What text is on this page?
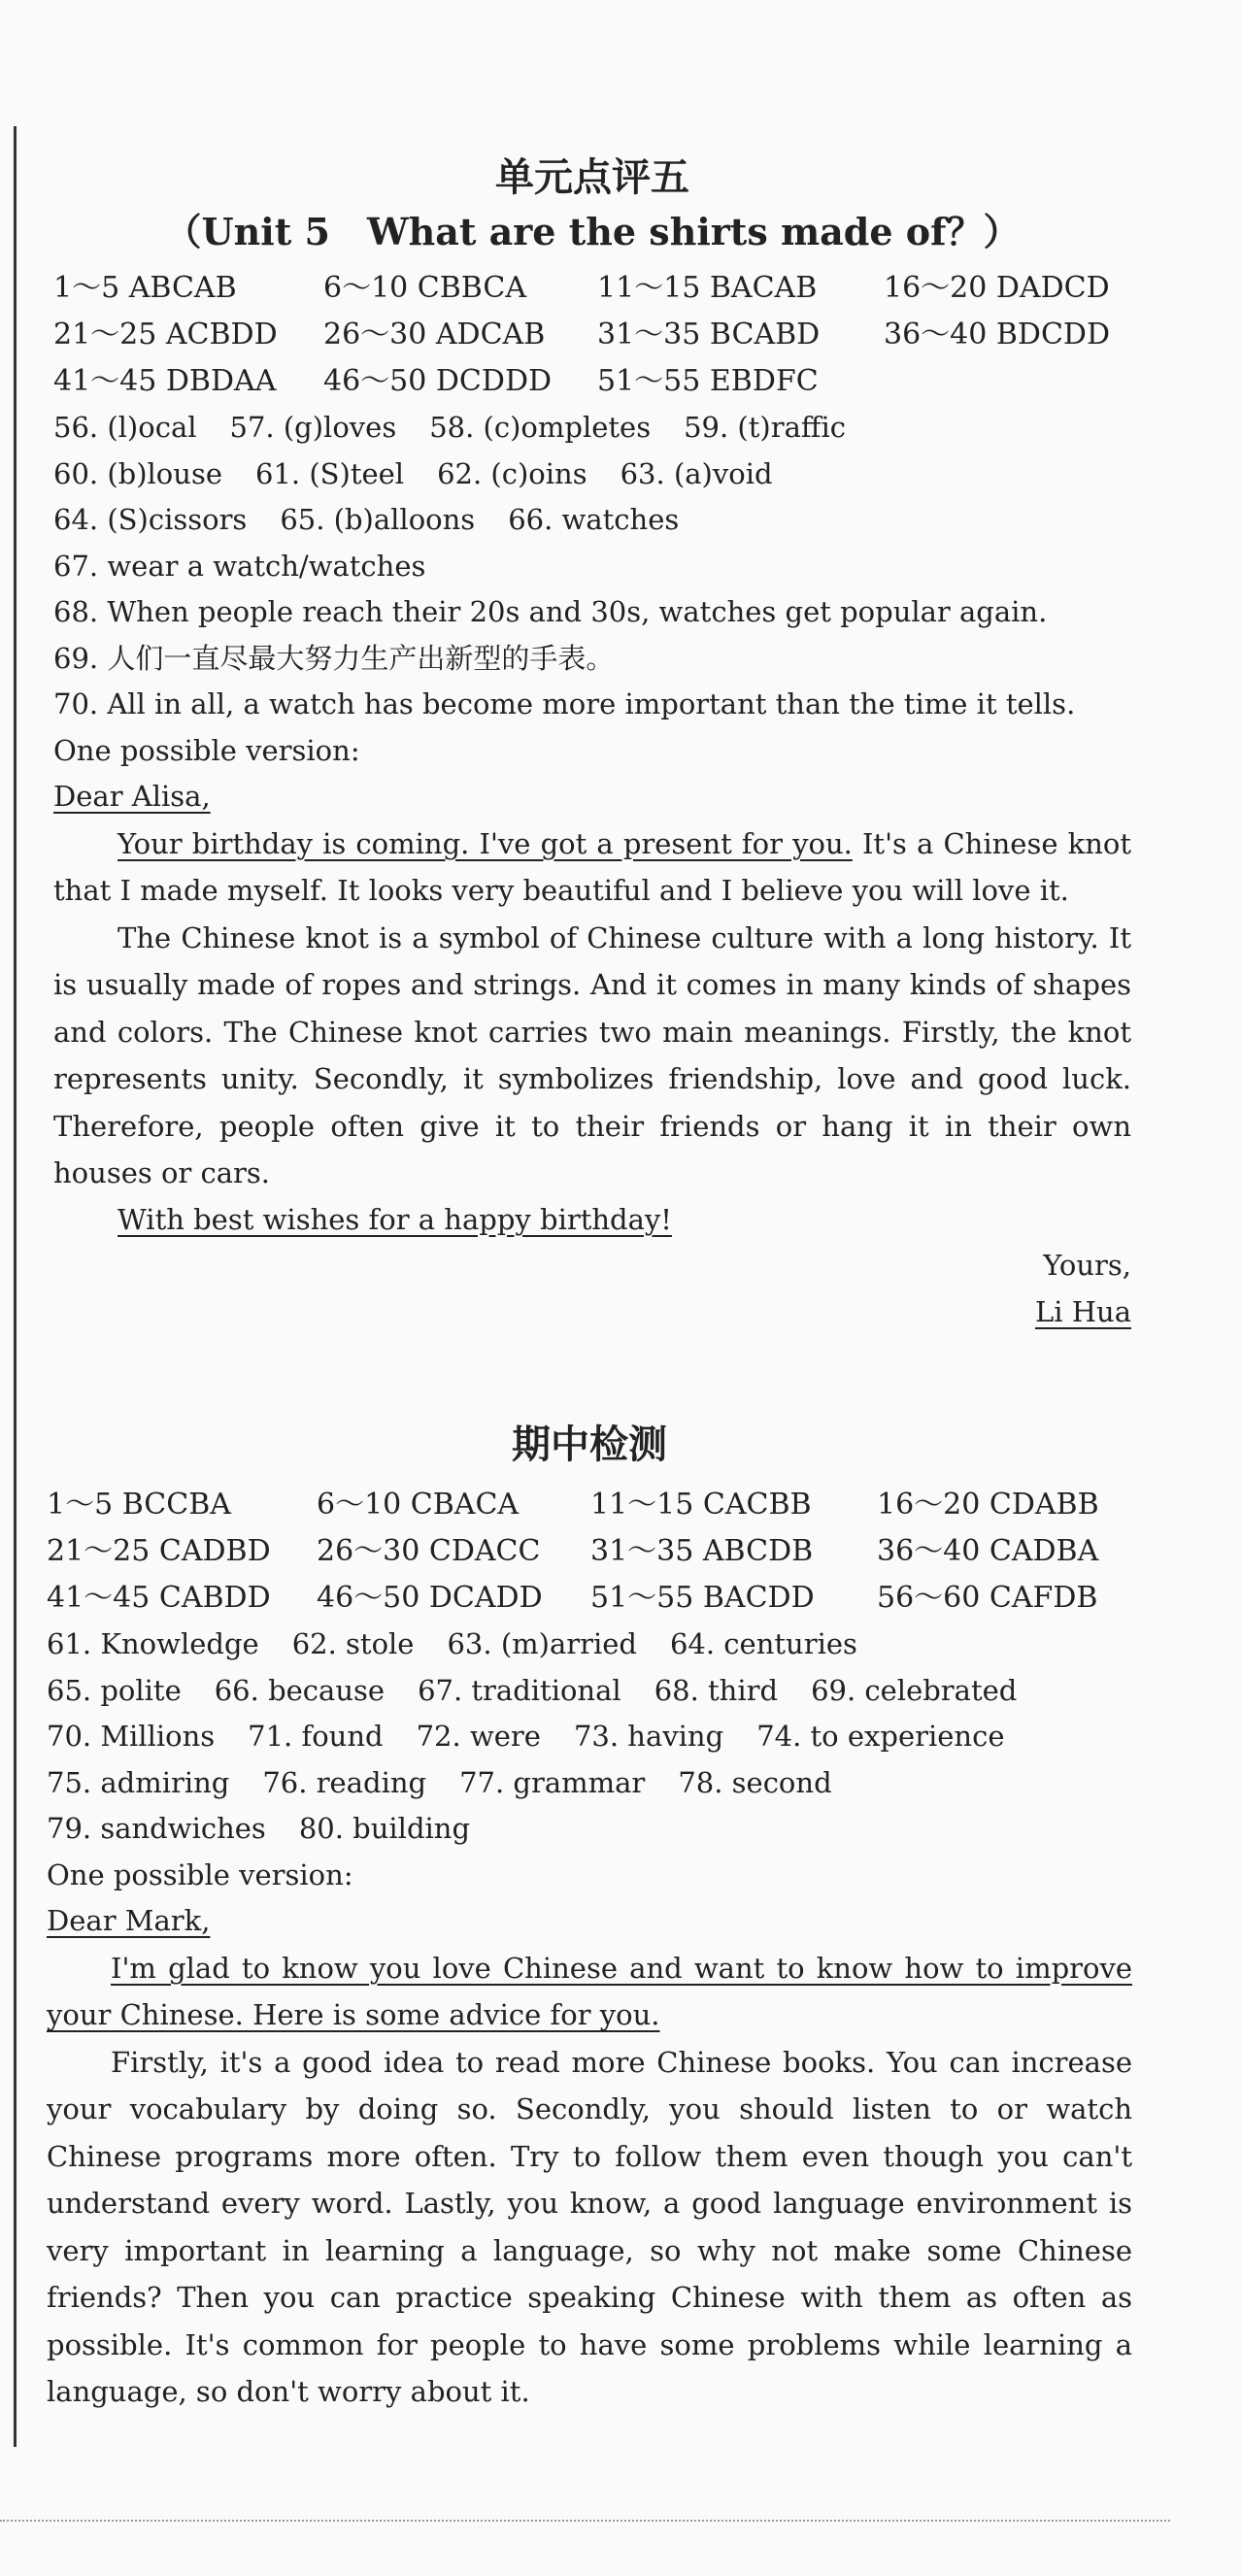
单元点评五
（Unit 5　What are the shirts made of？）
1～5 ABCAB	6～10 CBBCA	11～15 BACAB	16～20 DADCD
21～25 ACBDD	26～30 ADCAB	31～35 BCABD	36～40 BDCDD
41～45 DBDAA	46～50 DCDDD	51～55 EBDFC
56. (l)ocal 57. (g)loves 58. (c)ompletes 59. (t)raffic
60. (b)louse 61. (S)teel 62. (c)oins 63. (a)void
64. (S)cissors 65. (b)alloons 66. watches
67. wear a watch/watches
68. When people reach their 20s and 30s, watches get popular again.
69. 人们一直尽最大努力生产出新型的手表。
70. All in all, a watch has become more important than the time it tells.
One possible version:
Dear Alisa,

Your birthday is coming. I've got a present for you. It's a Chinese knot that I made myself. It looks very beautiful and I believe you will love it.

The Chinese knot is a symbol of Chinese culture with a long history. It is usually made of ropes and strings. And it comes in many kinds of shapes and colors. The Chinese knot carries two main meanings. Firstly, the knot represents unity. Secondly, it symbolizes friendship, love and good luck. Therefore, people often give it to their friends or hang it in their own houses or cars.

With best wishes for a happy birthday!
Yours,
Li Hua
期中检测
1～5 BCCBA	6～10 CBACA	11～15 CACBB	16～20 CDABB
21～25 CADBD	26～30 CDACC	31～35 ABCDB	36～40 CADBA
41～45 CABDD	46～50 DCADD	51～55 BACDD	56～60 CAFDB
61. Knowledge 62. stole 63. (m)arried 64. centuries
65. polite 66. because 67. traditional 68. third 69. celebrated
70. Millions 71. found 72. were 73. having 74. to experience
75. admiring 76. reading 77. grammar 78. second
79. sandwiches 80. building
One possible version:
Dear Mark,

I'm glad to know you love Chinese and want to know how to improve your Chinese. Here is some advice for you.

Firstly, it's a good idea to read more Chinese books. You can increase your vocabulary by doing so. Secondly, you should listen to or watch Chinese programs more often. Try to follow them even though you can't understand every word. Lastly, you know, a good language environment is very important in learning a language, so why not make some Chinese friends? Then you can practice speaking Chinese with them as often as possible. It's common for people to have some problems while learning a language, so don't worry about it.
